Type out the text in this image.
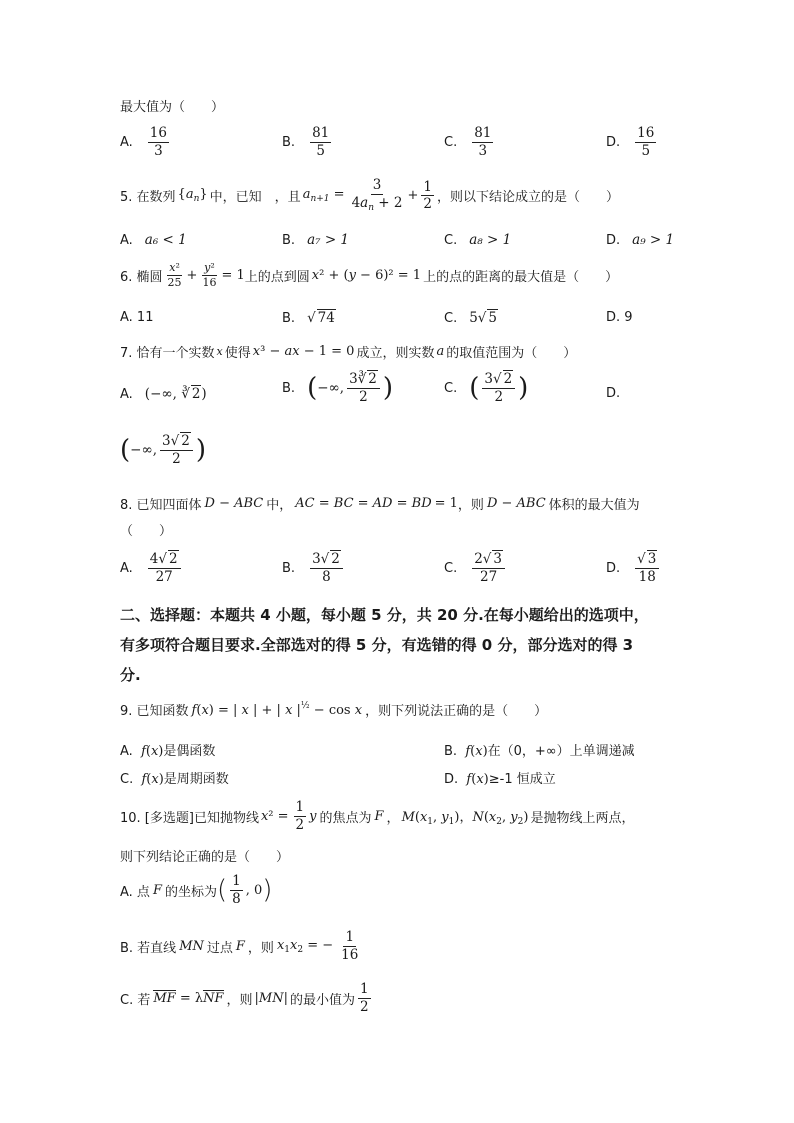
最大值为（　　）
A. $\frac{16}{3}$	B. $\frac{81}{5}$	C. $\frac{81}{3}$	D. $\frac{16}{5}$
5. 在数列 $\{a_n\}$ 中，已知　，且 $a_{n+1} = \frac{3}{4a_n + 2} + \frac{1}{2}$ ，则以下结论成立的是（　　）
A. a₆ < 1	B. a₇ > 1	C. a₈ > 1	D. a₉ > 1
6. 椭圆 $\frac{\text{x²}}{25} + \frac{\text{y²}}{16} = 1$ 上的点到圆 x² + (y − 6)² = 1 上的点的距离的最大值是（　　）
A. 11	B. √ 74	C. 5√ 5	D. 9
7. 恰有一个实数 x 使得 x³ − ax − 1 = 0 成立，则实数 a 的取值范围为（　　）
A. (−∞, ∛ 2)	B. ( −∞, $\frac{3∛ 2}{2}$ )	C. ( $\frac{3√ 2}{2}$ )	D.
( −∞, $\frac{3√ 2}{2}$ )
8. 已知四面体 D − ABC 中， AC = BC = AD = BD = 1 ，则 D − ABC 体积的最大值为
（　　）
A. $\frac{4√ 2}{27}$	B. $\frac{3√ 2}{8}$	C. $\frac{2√ 3}{27}$	D. $\frac{√ 3}{18}$
二、选择题：本题共 4 小题，每小题 5 分，共 20 分.在每小题给出的选项中，
有多项符合题目要求.全部选对的得 5 分，有选错的得 0 分，部分选对的得 3
分.
9. 已知函数 f(x) = | x | + | x $|^{\frac{1}{2}} - \cos x$ ，则下列说法正确的是（　　）
A. f(x)是偶函数	B. f(x)在（0，+∞）上单调递减
C. f(x)是周期函数	D. f(x)≥-1 恒成立
10. [多选题]已知抛物线 $x^2 = \frac{1}{2}$ y 的焦点为 F ， $M(x_1$, $y_1$)，$N(x_2$, $y_2$) 是抛物线上两点，
则下列结论正确的是（　　）
A. 点 F 的坐标为 ( $\frac{1}{8}$ , 0 )
B. 若直线 MN 过点 F ，则 $x_1x_2$ = − $\frac{1}{16}$
C. 若 MF = λNF ，则 |MN| 的最小值为 $\frac{1}{2}$
